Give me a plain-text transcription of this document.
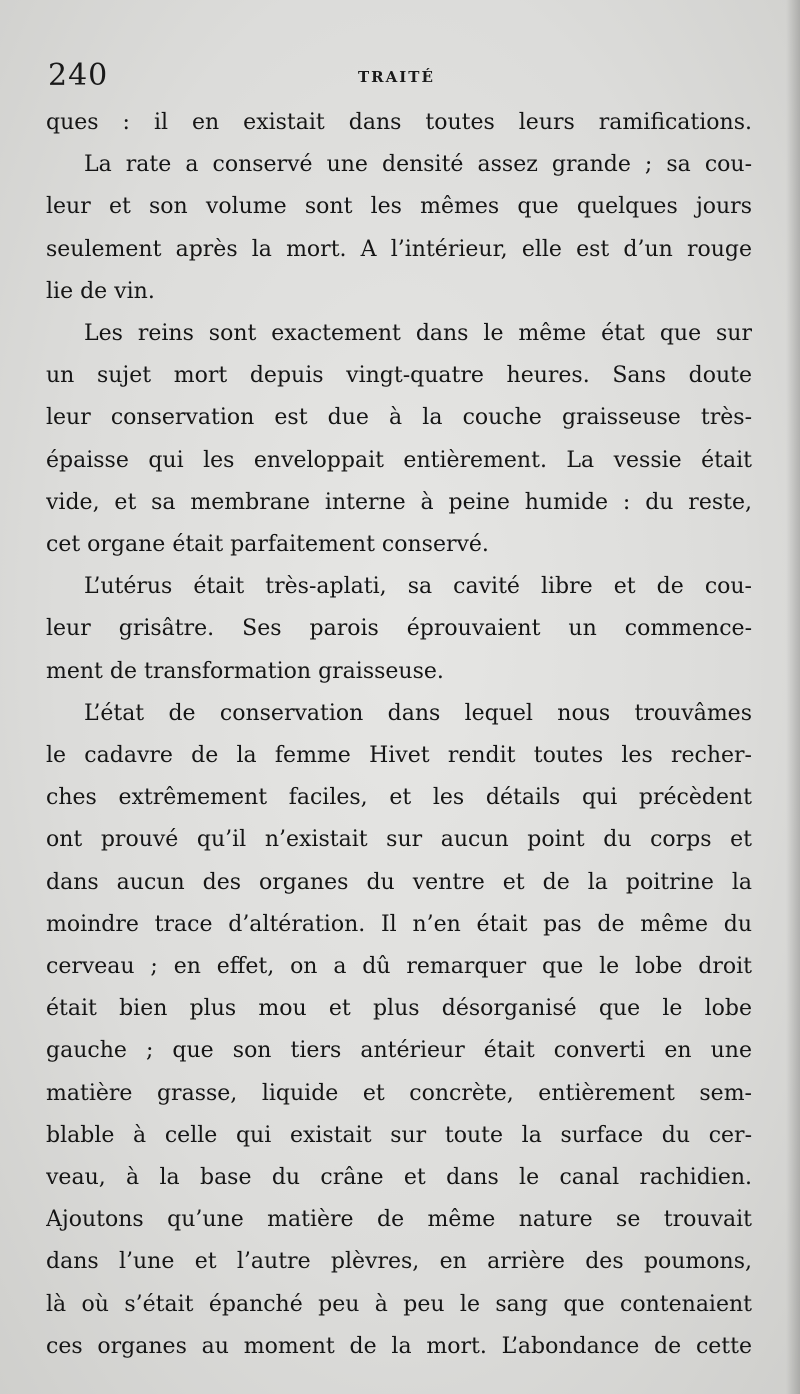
240	TRAITÉ
ques : il en existait dans toutes leurs ramifications.
La rate a conservé une densité assez grande ; sa cou-
leur et son volume sont les mêmes que quelques jours
seulement après la mort. A l’intérieur, elle est d’un rouge
lie de vin.
Les reins sont exactement dans le même état que sur
un sujet mort depuis vingt-quatre heures. Sans doute
leur conservation est due à la couche graisseuse très-
épaisse qui les enveloppait entièrement. La vessie était
vide, et sa membrane interne à peine humide : du reste,
cet organe était parfaitement conservé.
L’utérus était très-aplati, sa cavité libre et de cou-
leur grisâtre. Ses parois éprouvaient un commence-
ment de transformation graisseuse.
L’état de conservation dans lequel nous trouvâmes
le cadavre de la femme Hivet rendit toutes les recher-
ches extrêmement faciles, et les détails qui précèdent
ont prouvé qu’il n’existait sur aucun point du corps et
dans aucun des organes du ventre et de la poitrine la
moindre trace d’altération. Il n’en était pas de même du
cerveau ; en effet, on a dû remarquer que le lobe droit
était bien plus mou et plus désorganisé que le lobe
gauche ; que son tiers antérieur était converti en une
matière grasse, liquide et concrète, entièrement sem-
blable à celle qui existait sur toute la surface du cer-
veau, à la base du crâne et dans le canal rachidien.
Ajoutons qu’une matière de même nature se trouvait
dans l’une et l’autre plèvres, en arrière des poumons,
là où s’était épanché peu à peu le sang que contenaient
ces organes au moment de la mort. L’abondance de cette
